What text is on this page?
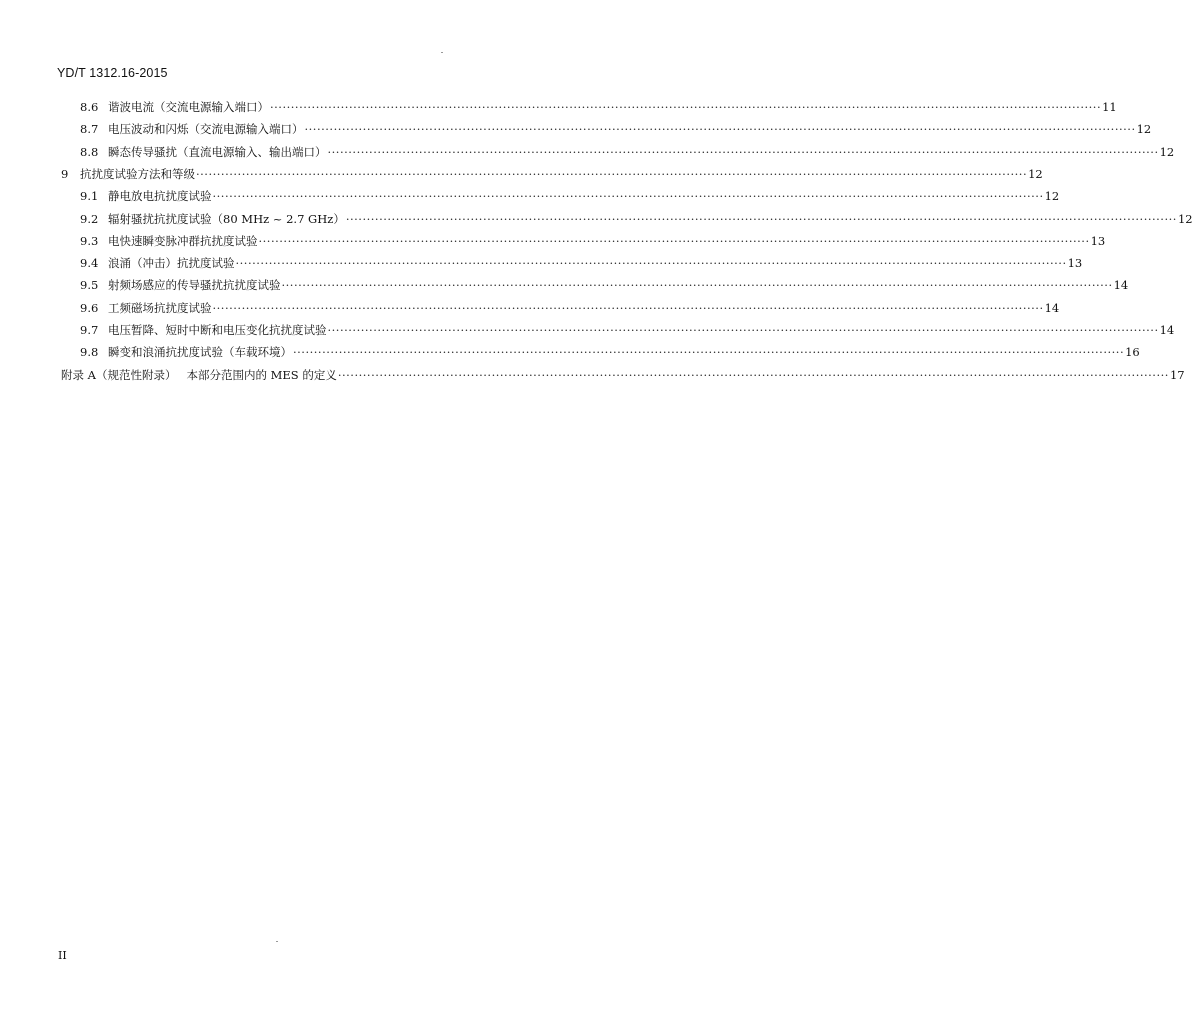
YD/T 1312.16-2015
8.6 谐波电流（交流电源输入端口） ········································································································································································································ 11
8.7 电压波动和闪烁（交流电源输入端口） ········································································································································································································ 12
8.8 瞬态传导骚扰（直流电源输入、输出端口） ········································································································································································································ 12
9	抗扰度试验方法和等级 ········································································································································································································ 12
9.1 静电放电抗扰度试验 ········································································································································································································ 12
9.2 辐射骚扰抗扰度试验（80 MHz ~ 2.7 GHz） ········································································································································································································ 12
9.3 电快速瞬变脉冲群抗扰度试验 ········································································································································································································ 13
9.4 浪涌（冲击）抗扰度试验 ········································································································································································································ 13
9.5 射频场感应的传导骚扰抗扰度试验 ········································································································································································································ 14
9.6 工频磁场抗扰度试验 ········································································································································································································ 14
9.7 电压暂降、短时中断和电压变化抗扰度试验 ········································································································································································································ 14
9.8 瞬变和浪涌抗扰度试验（车载环境） ········································································································································································································ 16
附录 A（规范性附录） 本部分范围内的 MES 的定义 ········································································································································································································ 17
II
